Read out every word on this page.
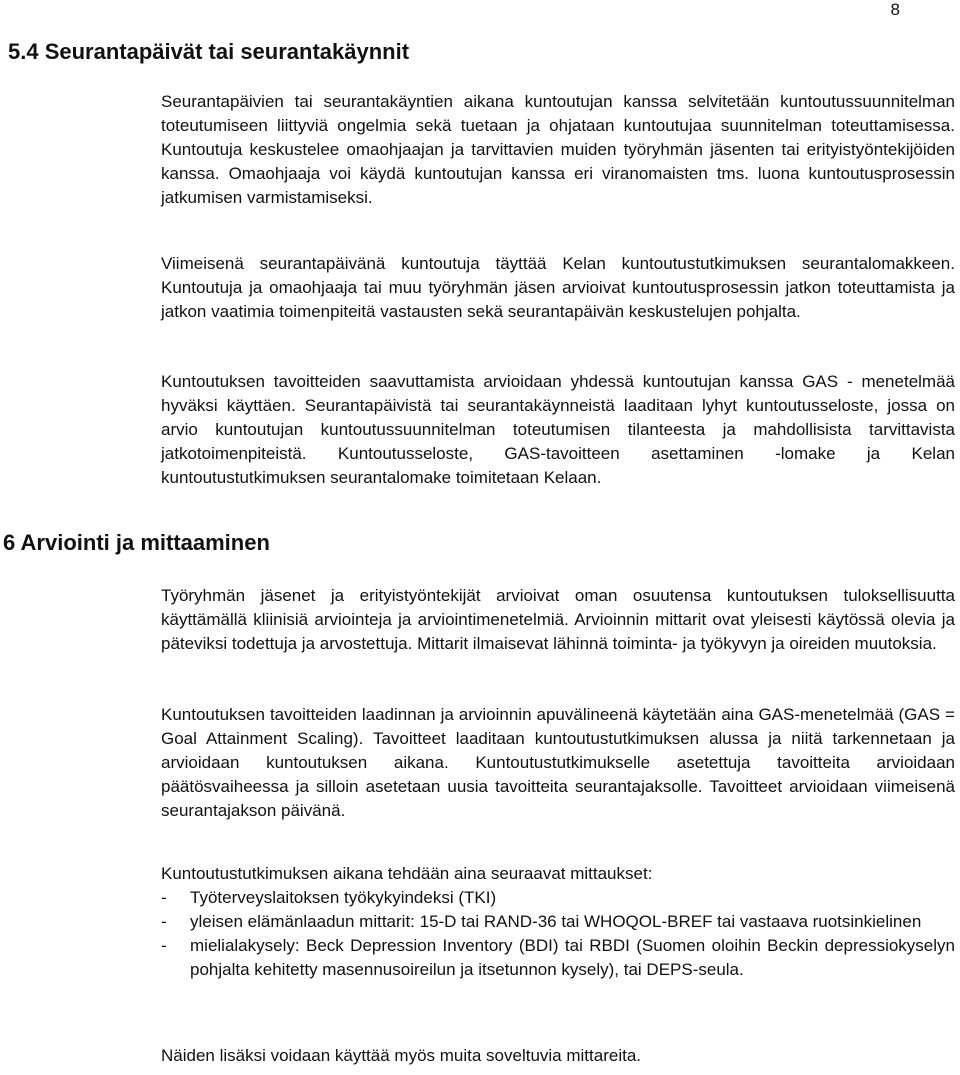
8
5.4 Seurantapäivät tai seurantakäynnit
Seurantapäivien tai seurantakäyntien aikana kuntoutujan kanssa selvitetään kuntoutussuunnitelman toteutumiseen liittyviä ongelmia sekä tuetaan ja ohjataan kuntoutujaa suunnitelman toteuttamisessa. Kuntoutuja keskustelee omaohjaajan ja tarvittavien muiden työryhmän jäsenten tai erityistyöntekijöiden kanssa. Omaohjaaja voi käydä kuntoutujan kanssa eri viranomaisten tms. luona kuntoutusprosessin jatkumisen varmistamiseksi.
Viimeisenä seurantapäivänä kuntoutuja täyttää Kelan kuntoutustutkimuksen seurantalomakkeen. Kuntoutuja ja omaohjaaja tai muu työryhmän jäsen arvioivat kuntoutusprosessin jatkon toteuttamista ja jatkon vaatimia toimenpiteitä vastausten sekä seurantapäivän keskustelujen pohjalta.
Kuntoutuksen tavoitteiden saavuttamista arvioidaan yhdessä kuntoutujan kanssa GAS - menetelmää hyväksi käyttäen. Seurantapäivistä tai seurantakäynneistä laaditaan lyhyt kuntoutusseloste, jossa on arvio kuntoutujan kuntoutussuunnitelman toteutumisen tilanteesta ja mahdollisista tarvittavista jatkotoimenpiteistä. Kuntoutusseloste, GAS-tavoitteen asettaminen -lomake ja Kelan kuntoutustutkimuksen seurantalomake toimitetaan Kelaan.
6 Arviointi ja mittaaminen
Työryhmän jäsenet ja erityistyöntekijät arvioivat oman osuutensa kuntoutuksen tuloksellisuutta käyttämällä kliinisiä arviointeja ja arviointimenetelmiä. Arvioinnin mittarit ovat yleisesti käytössä olevia ja päteviksi todettuja ja arvostettuja. Mittarit ilmaisevat lähinnä toiminta- ja työkyvyn ja oireiden muutoksia.
Kuntoutuksen tavoitteiden laadinnan ja arvioinnin apuvälineenä käytetään aina GAS-menetelmää (GAS = Goal Attainment Scaling). Tavoitteet laaditaan kuntoutustutkimuksen alussa ja niitä tarkennetaan ja arvioidaan kuntoutuksen aikana. Kuntoutustutkimukselle asetettuja tavoitteita arvioidaan päätösvaiheessa ja silloin asetetaan uusia tavoitteita seurantajaksolle. Tavoitteet arvioidaan viimeisenä seurantajakson päivänä.
Kuntoutustutkimuksen aikana tehdään aina seuraavat mittaukset:
- Työterveyslaitoksen työkykyindeksi (TKI)
- yleisen elämänlaadun mittarit: 15-D tai RAND-36 tai WHOQOL-BREF tai vastaava ruotsinkielinen
- mielialakysely: Beck Depression Inventory (BDI) tai RBDI (Suomen oloihin Beckin depressiokyselyn pohjalta kehitetty masennusoireilun ja itsetunnon kysely), tai DEPS-seula.
Näiden lisäksi voidaan käyttää myös muita soveltuvia mittareita.
